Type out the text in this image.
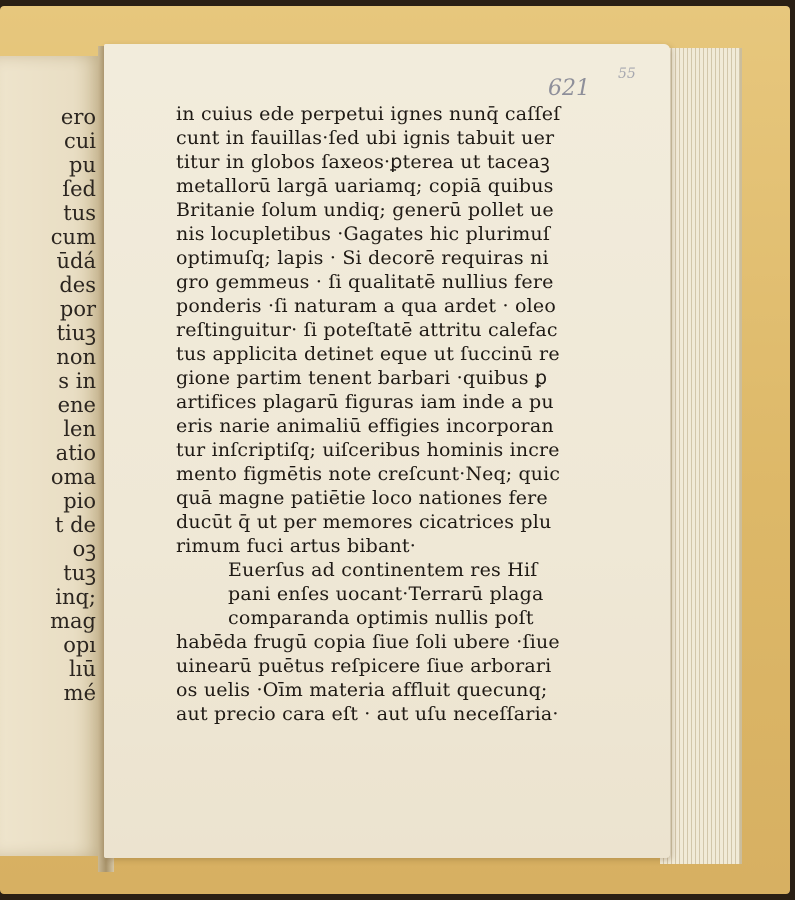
ero

cui

pu

ſed

tus

cum

ūdá

des

por

tiuꝫ

non

s in

ene

len

atio

oma

pio

t de

oꝫ

tuꝫ

inq;

mag

opı

lıū

mé

621

55

in cuius ede perpetui ignes nunq̄ caſſeſ

cunt in fauillas·ſed ubi ignis tabuit uer

titur in globos ſaxeos·ꝑterea ut taceaꝫ

metallorū largā uariamq; copiā quibus

Britanie ſolum undiq; generū pollet ue

nis locupletibus ·Gagates hic plurimuſ

optimuſq; lapis · Si decorē requiras ni

gro gemmeus · ſi qualitatē nullius fere

ponderis ·ſi naturam a qua ardet · oleo

reſtinguitur· ſi poteſtatē attritu calefac

tus applicita detinet eque ut ſuccinū re

gione partim tenent barbari ·quibus ꝑ

artifices plagarū figuras iam inde a pu

eris narie animaliū effigies incorporan

tur inſcriptiſq; uiſceribus hominis incre

mento figmētis note creſcunt·Neq; quic

quā magne patiētie loco nationes fere

ducūt q̄ ut per memores cicatrices plu

rimum fuci artus bibant·

Euerſus ad continentem res Hiſ

pani enſes uocant·Terrarū plaga

comparanda optimis nullis poſt

habēda frugū copia ſiue ſoli ubere ·ſiue

uinearū puētus reſpicere ſiue arborari

os uelis ·Oīm materia affluit quecunq;

aut precio cara eſt · aut uſu neceſſaria·
